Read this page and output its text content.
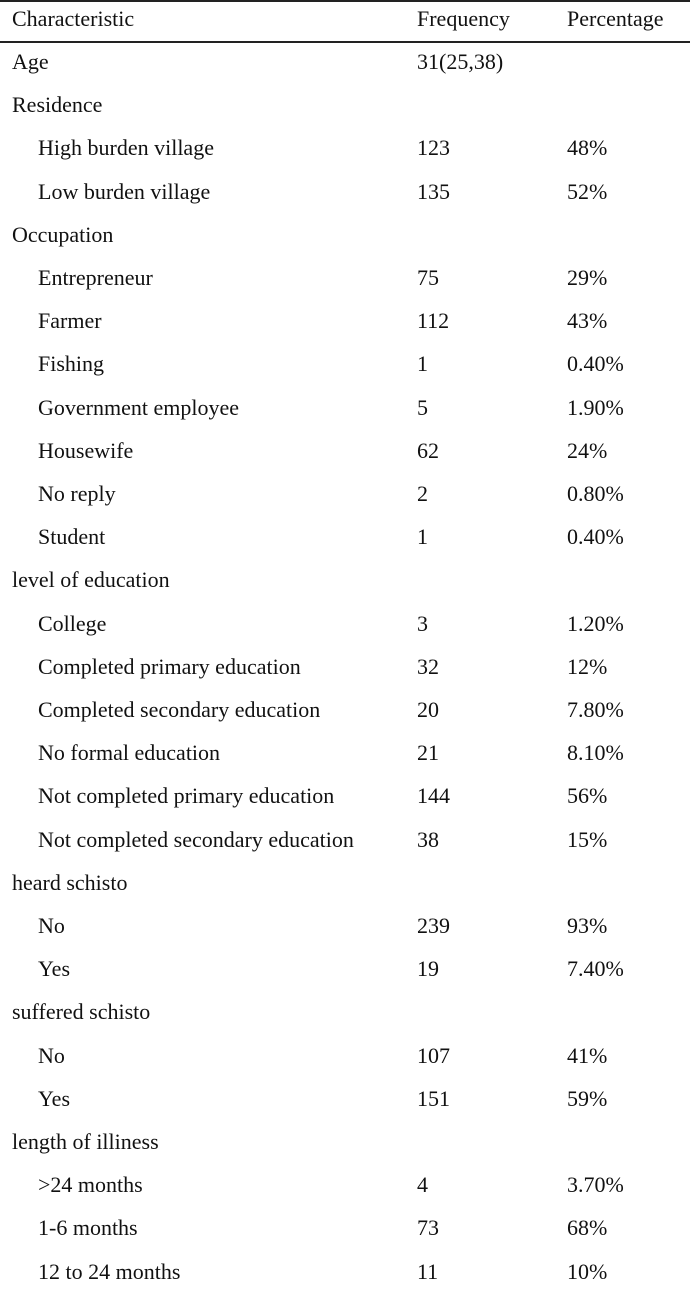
Characteristic	Frequency	Percentage
Age	31(25,38)
Residence
High burden village	123	48%
Low burden village	135	52%
Occupation
Entrepreneur	75	29%
Farmer	112	43%
Fishing	1	0.40%
Government employee	5	1.90%
Housewife	62	24%
No reply	2	0.80%
Student	1	0.40%
level of education
College	3	1.20%
Completed primary education	32	12%
Completed secondary education	20	7.80%
No formal education	21	8.10%
Not completed primary education	144	56%
Not completed secondary education	38	15%
heard schisto
No	239	93%
Yes	19	7.40%
suffered schisto
No	107	41%
Yes	151	59%
length of illiness
>24 months	4	3.70%
1-6 months	73	68%
12 to 24 months	11	10%
